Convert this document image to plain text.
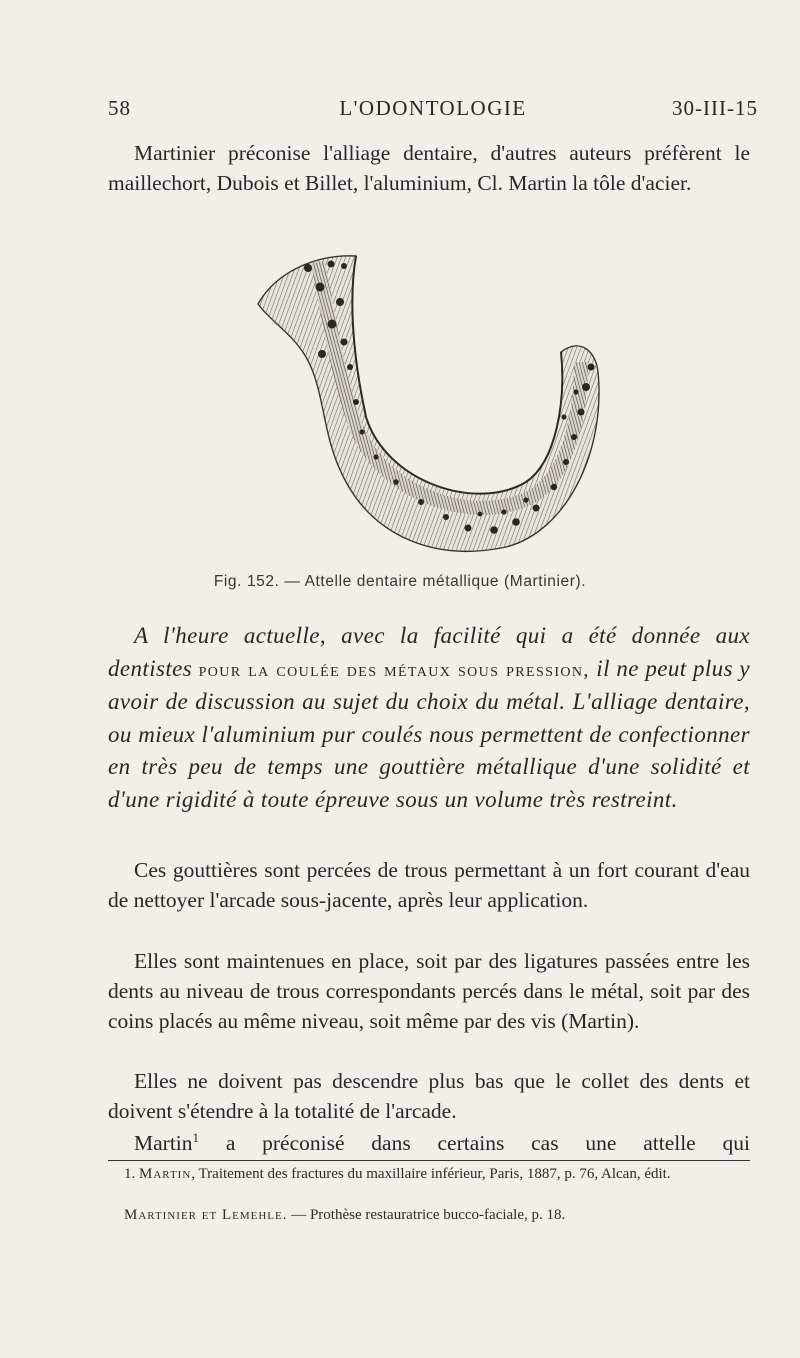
58	L'ODONTOLOGIE	30-III-15

Martinier préconise l'alliage dentaire, d'autres auteurs préfèrent le maillechort, Dubois et Billet, l'aluminium, Cl. Martin la tôle d'acier.

Fig. 152. — Attelle dentaire métallique (Martinier).

A l'heure actuelle, avec la facilité qui a été donnée aux dentistes pour la coulée des métaux sous pression, il ne peut plus y avoir de discussion au sujet du choix du métal. L'alliage dentaire, ou mieux l'aluminium pur coulés nous permettent de confectionner en très peu de temps une gouttière métallique d'une solidité et d'une rigidité à toute épreuve sous un volume très restreint.

Ces gouttières sont percées de trous permettant à un fort courant d'eau de nettoyer l'arcade sous-jacente, après leur application.

Elles sont maintenues en place, soit par des ligatures passées entre les dents au niveau de trous correspondants percés dans le métal, soit par des coins placés au même niveau, soit même par des vis (Martin).

Elles ne doivent pas descendre plus bas que le collet des dents et doivent s'étendre à la totalité de l'arcade.

Martin$^1$ a préconisé dans certains cas une attelle qui

1. Martin, Traitement des fractures du maxillaire inférieur, Paris, 1887, p. 76, Alcan, édit.

Martinier et Lemehle. — Prothèse restauratrice bucco-faciale, p. 18.
